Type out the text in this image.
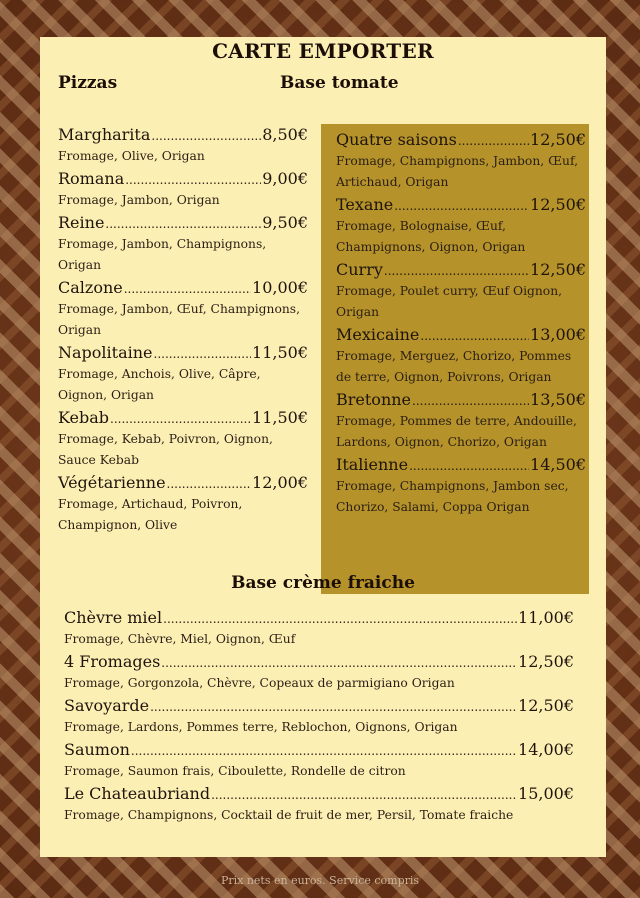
CARTE EMPORTER
Pizzas	Base tomate
Margharita .....	8,50€
Fromage, Olive, Origan
Romana .....	9,00€
Fromage, Jambon, Origan
Reine .....	9,50€
Fromage, Jambon, Champignons,
Origan
Calzone .....	10,00€
Fromage, Jambon, Œuf, Champignons,
Origan
Napolitaine .....	11,50€
Fromage, Anchois, Olive, Câpre,
Oignon, Origan
Kebab .....	11,50€
Fromage, Kebab, Poivron, Oignon,
Sauce Kebab
Végétarienne .....	12,00€
Fromage, Artichaud, Poivron,
Champignon, Olive
Quatre saisons .....	12,50€
Fromage, Champignons, Jambon, Œuf,
Artichaud, Origan
Texane .....	12,50€
Fromage, Bolognaise, Œuf,
Champignons, Oignon, Origan
Curry .....	12,50€
Fromage, Poulet curry, Œuf Oignon,
Origan
Mexicaine .....	13,00€
Fromage, Merguez, Chorizo, Pommes
de terre, Oignon, Poivrons, Origan
Bretonne .....	13,50€
Fromage, Pommes de terre, Andouille,
Lardons, Oignon, Chorizo, Origan
Italienne .....	14,50€
Fromage, Champignons, Jambon sec,
Chorizo, Salami, Coppa Origan
Base crème fraiche
Chèvre miel .....	11,00€
Fromage, Chèvre, Miel, Oignon, Œuf
4 Fromages .....	12,50€
Fromage, Gorgonzola, Chèvre, Copeaux de parmigiano Origan
Savoyarde .....	12,50€
Fromage, Lardons, Pommes terre, Reblochon, Oignons, Origan
Saumon .....	14,00€
Fromage, Saumon frais, Ciboulette, Rondelle de citron
Le Chateaubriand .....	15,00€
Fromage, Champignons, Cocktail de fruit de mer, Persil, Tomate fraiche
Prix nets en euros. Service compris
